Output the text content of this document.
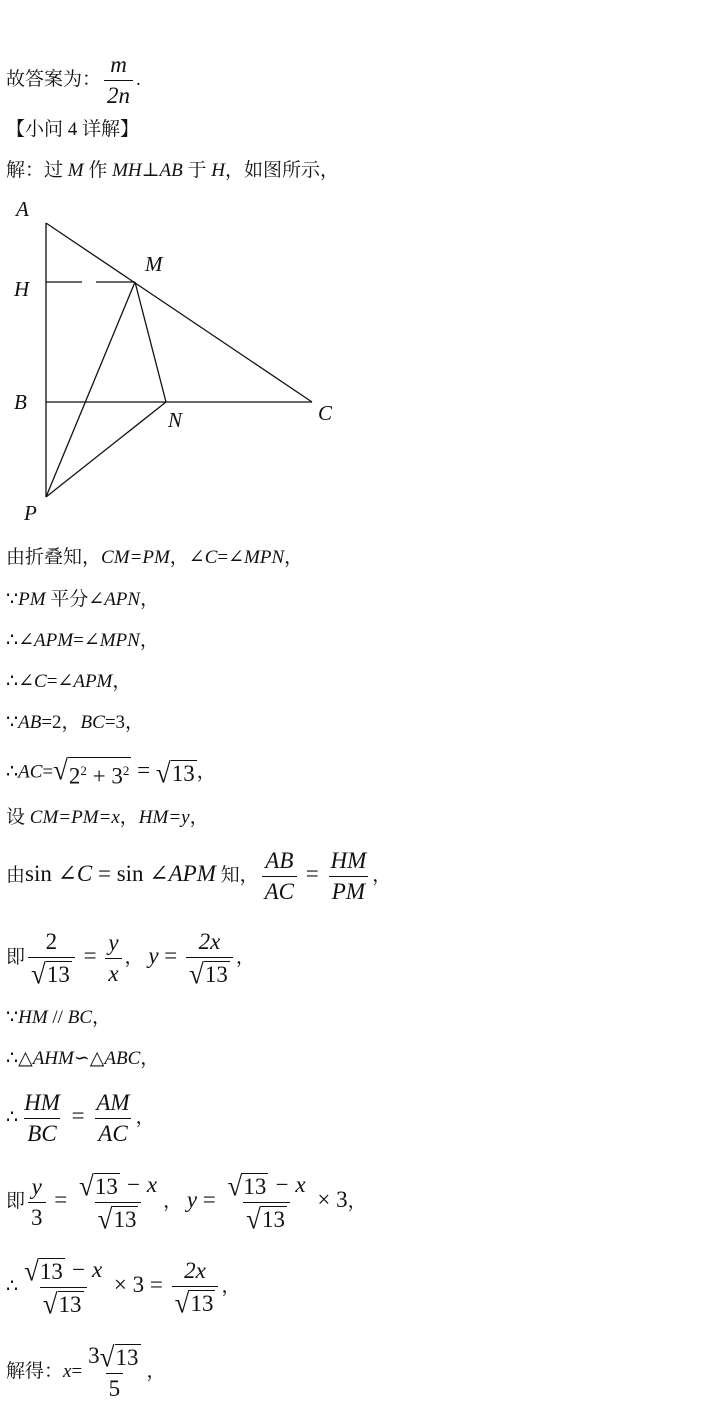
故答案为： $\frac{m}{2n}$ .
【小问 4 详解】
解：过 M 作 MH⊥AB 于 H，如图所示，
A
H
M
B
N	C
P
由折叠知，CM=PM，∠C=∠MPN，
∵PM 平分∠APN，
∴∠APM=∠MPN，
∴∠C=∠APM，
∵AB=2，BC=3，
∴AC= √ $2^2 + 3^2$ = √ 13 ，
设 CM=PM=x，HM=y，
由sin ∠C = sin ∠APM 知， $\frac{AB}{AC} = \frac{HM}{PM}$ ，
即 $\frac{2}{√ 13} = \frac{y}{x}$ ， $y = \frac{2x}{√ 13}$ ，
∵HM // BC，
∴△AHM∽△ABC，
∴ $\frac{HM}{BC} = \frac{AM}{AC}$ ，
即 $\frac{y}{3} = \frac{√ 13 - x}{√ 13}$ ， $y = \frac{√ 13 - x}{√ 13} \times 3$，
∴ $\frac{√ 13 - x}{√ 13} \times 3 = \frac{2x}{√ 13}$ ，
解得：$x= \frac{3 √ 13}{5}$ ，
